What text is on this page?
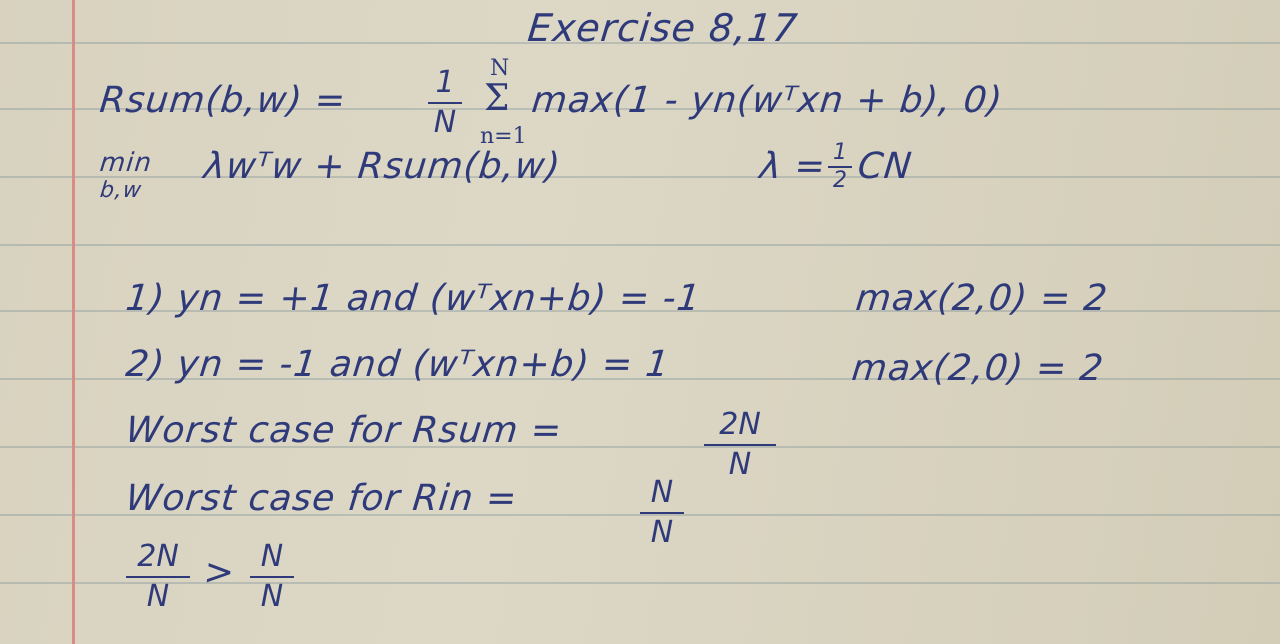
Exercise 8,17
Rsum(b,w) =	1
N
N
Σ
n=1
max(1 - yn(wᵀxn + b), 0)
min
b,w
λwᵀw + Rsum(b,w)	λ = 1
2 CN
1) yn = +1 and (wᵀxn+b) = -1	max(2,0) = 2
2) yn = -1 and (wᵀxn+b) = 1	max(2,0) = 2
Worst case for Rsum =	2N
N
Worst case for Rin =	N
N
2N
N
> N
N
